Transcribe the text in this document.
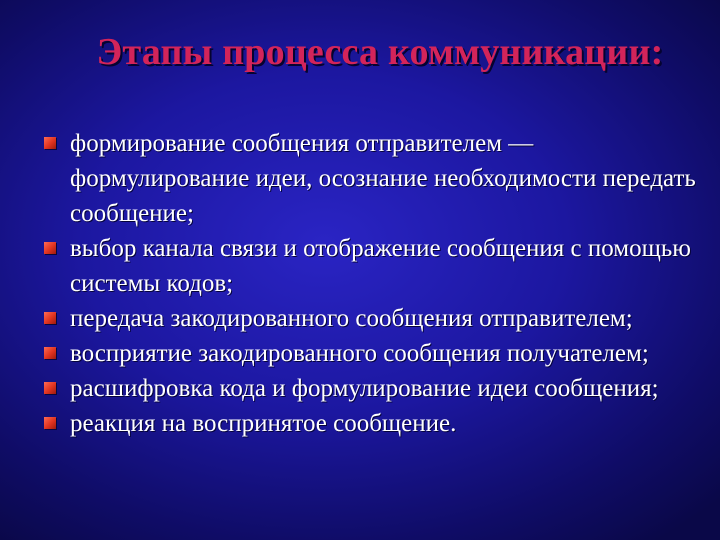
Этапы процесса коммуникации:
формирование сообщения отправителем — формулирование идеи, осознание необходимости передать сообщение;
выбор канала связи и отображение сообщения с помощью системы кодов;
передача закодированного сообщения отправителем;
восприятие закодированного сообщения получателем;
расшифровка кода и формулирование идеи сообщения;
реакция на воспринятое сообщение.
